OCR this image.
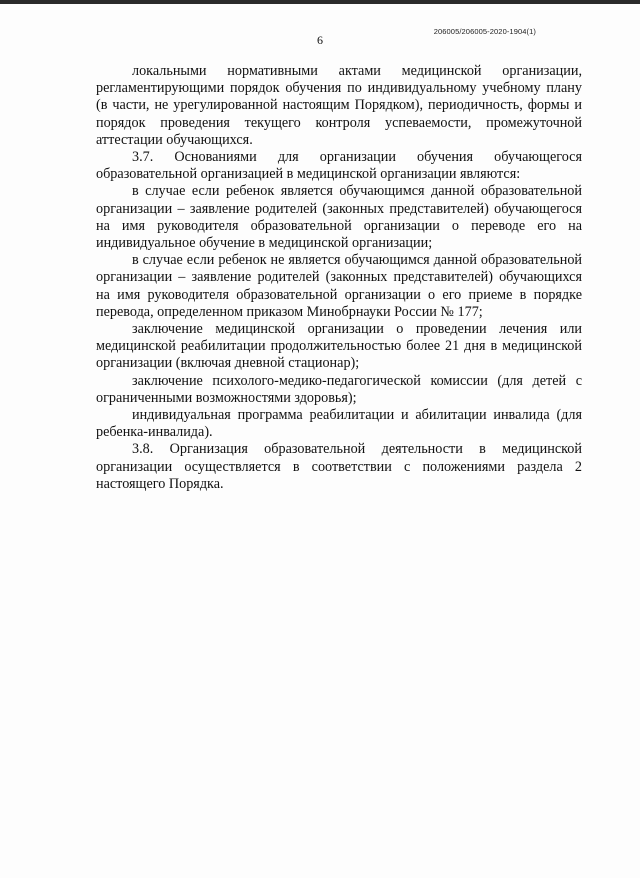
206005/206005-2020-1904(1)
6

локальными нормативными актами медицинской организации, регламентирующими порядок обучения по индивидуальному учебному плану (в части, не урегулированной настоящим Порядком), периодичность, формы и порядок проведения текущего контроля успеваемости, промежуточной аттестации обучающихся.

3.7. Основаниями для организации обучения обучающегося образовательной организацией в медицинской организации являются:

в случае если ребенок является обучающимся данной образовательной организации – заявление родителей (законных представителей) обучающегося на имя руководителя образовательной организации о переводе его на индивидуальное обучение в медицинской организации;

в случае если ребенок не является обучающимся данной образовательной организации – заявление родителей (законных представителей) обучающихся на имя руководителя образовательной организации о его приеме в порядке перевода, определенном приказом Минобрнауки России № 177;

заключение медицинской организации о проведении лечения или медицинской реабилитации продолжительностью более 21 дня в медицинской организации (включая дневной стационар);

заключение психолого-медико-педагогической комиссии (для детей с ограниченными возможностями здоровья);

индивидуальная программа реабилитации и абилитации инвалида (для ребенка-инвалида).

3.8. Организация образовательной деятельности в медицинской организации осуществляется в соответствии с положениями раздела 2 настоящего Порядка.
